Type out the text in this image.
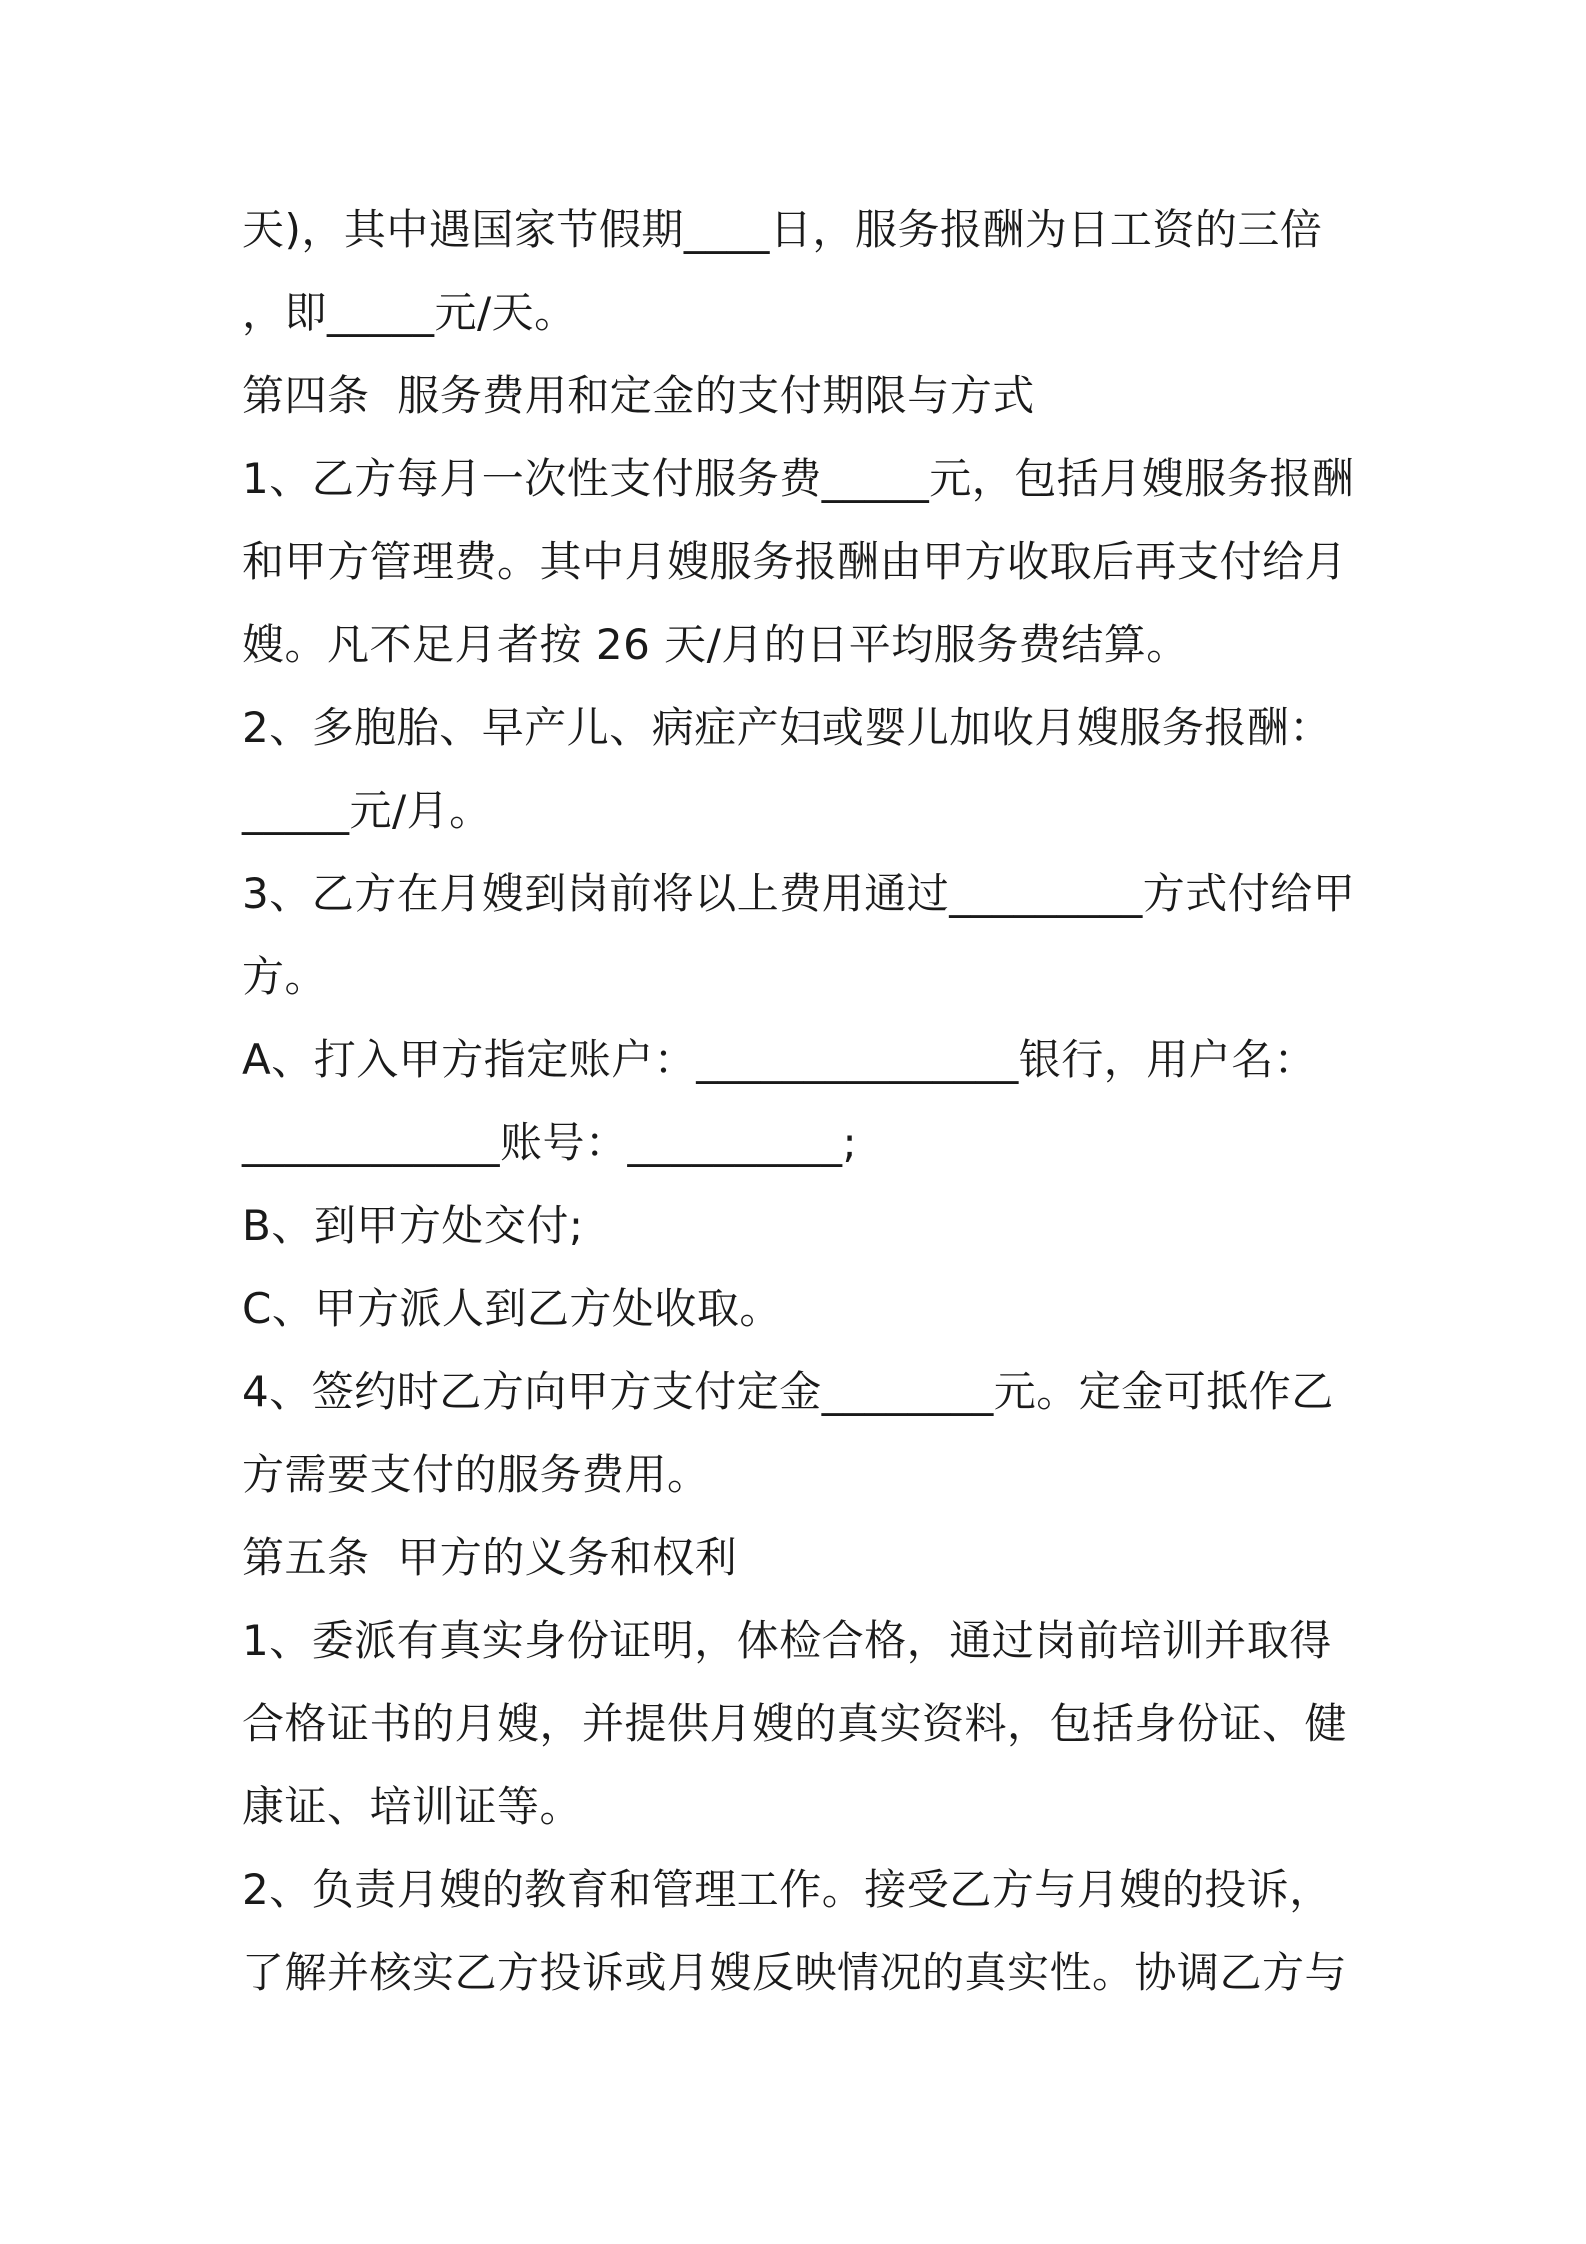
天)，其中遇国家节假期____日，服务报酬为日工资的三倍
，即_____元/天。
第四条  服务费用和定金的支付期限与方式
1、乙方每月一次性支付服务费_____元，包括月嫂服务报酬
和甲方管理费。其中月嫂服务报酬由甲方收取后再支付给月
嫂。凡不足月者按 26 天/月的日平均服务费结算。
2、多胞胎、早产儿、病症产妇或婴儿加收月嫂服务报酬：
_____元/月。
3、乙方在月嫂到岗前将以上费用通过_________方式付给甲
方。
A、打入甲方指定账户：_______________银行，用户名：
____________账号：__________;
B、到甲方处交付;
C、甲方派人到乙方处收取。
4、签约时乙方向甲方支付定金________元。定金可抵作乙
方需要支付的服务费用。
第五条  甲方的义务和权利
1、委派有真实身份证明，体检合格，通过岗前培训并取得
合格证书的月嫂，并提供月嫂的真实资料，包括身份证、健
康证、培训证等。
2、负责月嫂的教育和管理工作。接受乙方与月嫂的投诉，
了解并核实乙方投诉或月嫂反映情况的真实性。协调乙方与
